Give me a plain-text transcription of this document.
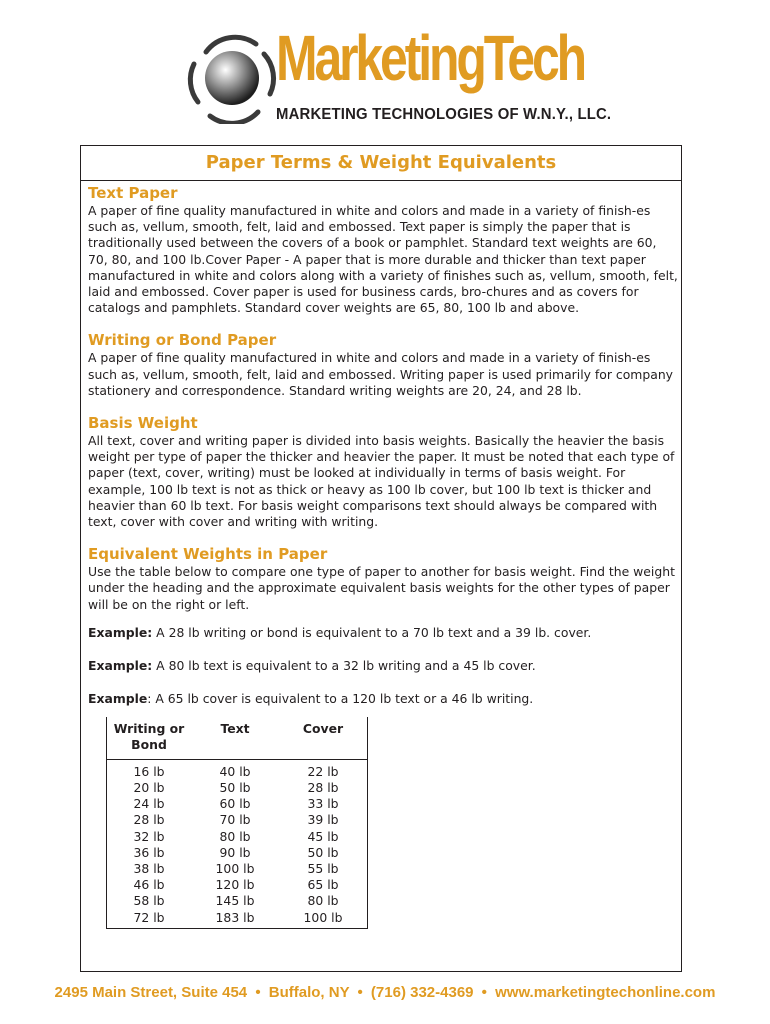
MarketingTech
MARKETING TECHNOLOGIES OF W.N.Y., LLC.
Paper Terms & Weight Equivalents
Text Paper

A paper of fine quality manufactured in white and colors and made in a variety of finish-es such as, vellum, smooth, felt, laid and embossed. Text paper is simply the paper that is traditionally used between the covers of a book or pamphlet. Standard text weights are 60, 70, 80, and 100 lb.Cover Paper - A paper that is more durable and thicker than text paper manufactured in white and colors along with a variety of finishes such as, vellum, smooth, felt, laid and embossed. Cover paper is used for business cards, bro-chures and as covers for catalogs and pamphlets. Standard cover weights are 65, 80, 100 lb and above.

Writing or Bond Paper

A paper of fine quality manufactured in white and colors and made in a variety of finish-es such as, vellum, smooth, felt, laid and embossed. Writing paper is used primarily for company stationery and correspondence. Standard writing weights are 20, 24, and 28 lb.

Basis Weight

All text, cover and writing paper is divided into basis weights. Basically the heavier the basis weight per type of paper the thicker and heavier the paper. It must be noted that each type of paper (text, cover, writing) must be looked at individually in terms of basis weight. For example, 100 lb text is not as thick or heavy as 100 lb cover, but 100 lb text is thicker and heavier than 60 lb text. For basis weight comparisons text should always be compared with text, cover with cover and writing with writing.

Equivalent Weights in Paper

Use the table below to compare one type of paper to another for basis weight. Find the weight under the heading and the approximate equivalent basis weights for the other types of paper will be on the right or left.

Example: A 28 lb writing or bond is equivalent to a 70 lb text and a 39 lb. cover.

Example: A 80 lb text is equivalent to a 32 lb writing and a 45 lb cover.

Example: A 65 lb cover is equivalent to a 120 lb text or a 46 lb writing.

Writing or Bond	Text	Cover
16 lb	40 lb	22 lb
20 lb	50 lb	28 lb
24 lb	60 lb	33 lb
28 lb	70 lb	39 lb
32 lb	80 lb	45 lb
36 lb	90 lb	50 lb
38 lb	100 lb	55 lb
46 lb	120 lb	65 lb
58 lb	145 lb	80 lb
72 lb	183 lb	100 lb
2495 Main Street, Suite 454 • Buffalo, NY • (716) 332-4369 • www.marketingtechonline.com
